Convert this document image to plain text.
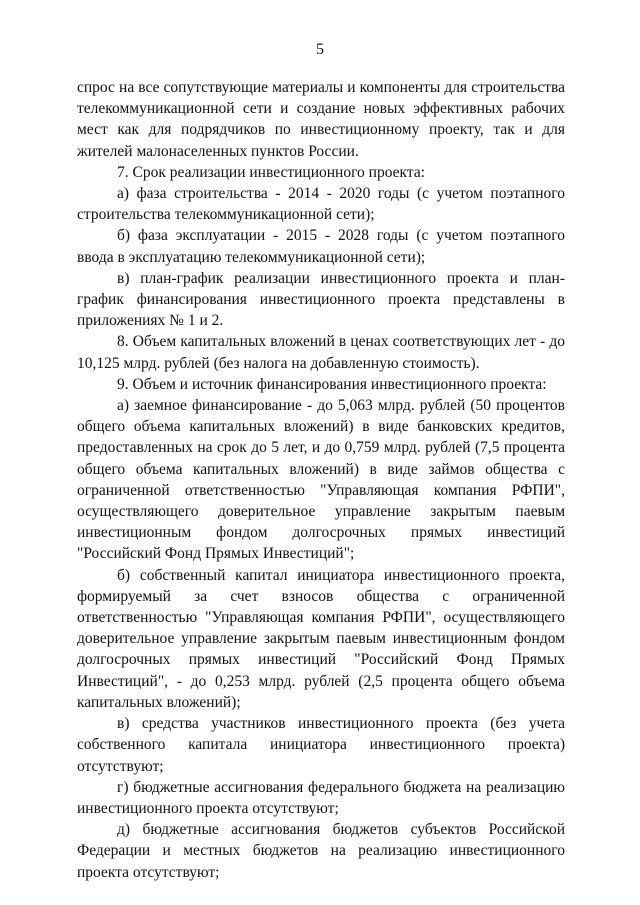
5

спрос на все сопутствующие материалы и компоненты для строительства телекоммуникационной сети и создание новых эффективных рабочих мест как для подрядчиков по инвестиционному проекту, так и для жителей малонаселенных пунктов России.

7. Срок реализации инвестиционного проекта:

а) фаза строительства - 2014 - 2020 годы (с учетом поэтапного строительства телекоммуникационной сети);

б) фаза эксплуатации - 2015 - 2028 годы (с учетом поэтапного ввода в эксплуатацию телекоммуникационной сети);

в) план-график реализации инвестиционного проекта и план-график финансирования инвестиционного проекта представлены в приложениях № 1 и 2.

8. Объем капитальных вложений в ценах соответствующих лет - до 10,125 млрд. рублей (без налога на добавленную стоимость).

9. Объем и источник финансирования инвестиционного проекта:

а) заемное финансирование - до 5,063 млрд. рублей (50 процентов общего объема капитальных вложений) в виде банковских кредитов, предоставленных на срок до 5 лет, и до 0,759 млрд. рублей (7,5 процента общего объема капитальных вложений) в виде займов общества с ограниченной ответственностью "Управляющая компания РФПИ", осуществляющего доверительное управление закрытым паевым инвестиционным фондом долгосрочных прямых инвестиций "Российский Фонд Прямых Инвестиций";

б) собственный капитал инициатора инвестиционного проекта, формируемый за счет взносов общества с ограниченной ответственностью "Управляющая компания РФПИ", осуществляющего доверительное управление закрытым паевым инвестиционным фондом долгосрочных прямых инвестиций "Российский Фонд Прямых Инвестиций", - до 0,253 млрд. рублей (2,5 процента общего объема капитальных вложений);

в) средства участников инвестиционного проекта (без учета собственного капитала инициатора инвестиционного проекта) отсутствуют;

г) бюджетные ассигнования федерального бюджета на реализацию инвестиционного проекта отсутствуют;

д) бюджетные ассигнования бюджетов субъектов Российской Федерации и местных бюджетов на реализацию инвестиционного проекта отсутствуют;
